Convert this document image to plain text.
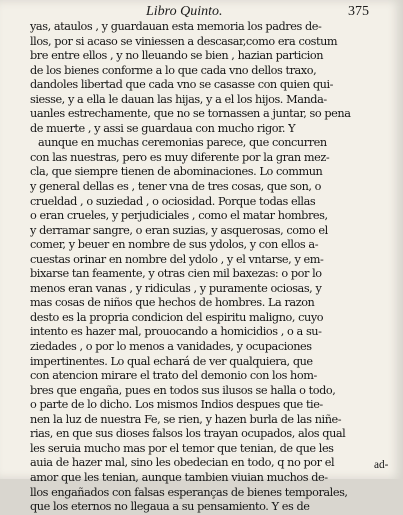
Libro Quinto.	375
yas, ataulos , y guardauan esta memoria los padres de-
llos, por si acaso se viniessen a descasar,como era costum
bre entre ellos , y no lleuando se bien , hazian particion
de los bienes conforme a lo que cada vno dellos traxo,
dandoles libertad que cada vno se casasse con quien qui-
siesse, y a ella le dauan las hijas, y a el los hijos. Manda-
uanles estrechamente, que no se tornassen a juntar, so pena
de muerte , y assi se guardaua con mucho rigor. Y
aunque en muchas ceremonias parece, que concurren
con las nuestras, pero es muy diferente por la gran mez-
cla, que siempre tienen de abominaciones. Lo commun
y general dellas es , tener vna de tres cosas, que son, o
crueldad , o suziedad , o ociosidad. Porque todas ellas
o eran crueles, y perjudiciales , como el matar hombres,
y derramar sangre, o eran suzias, y asquerosas, como el
comer, y beuer en nombre de sus ydolos, y con ellos a-
cuestas orinar en nombre del ydolo , y el vntarse, y em-
bixarse tan feamente, y otras cien mil baxezas: o por lo
menos eran vanas , y ridiculas , y puramente ociosas, y
mas cosas de niños que hechos de hombres. La razon
desto es la propria condicion del espiritu maligno, cuyo
intento es hazer mal, prouocando a homicidios , o a su-
ziedades , o por lo menos a vanidades, y ocupaciones
impertinentes. Lo qual echará de ver qualquiera, que
con atencion mirare el trato del demonio con los hom-
bres que engaña, pues en todos sus ilusos se halla o todo,
o parte de lo dicho. Los mismos Indios despues que tie-
nen la luz de nuestra Fe, se rien, y hazen burla de las niñe-
rias, en que sus dioses falsos los trayan ocupados, alos qual
les seruia mucho mas por el temor que tenian, de que les
auia de hazer mal, sino les obedecian en todo, q no por el
amor que les tenian, aunque tambien viuian muchos de-
llos engañados con falsas esperanças de bienes temporales,
que los eternos no llegaua a su pensamiento. Y es de
ad-
